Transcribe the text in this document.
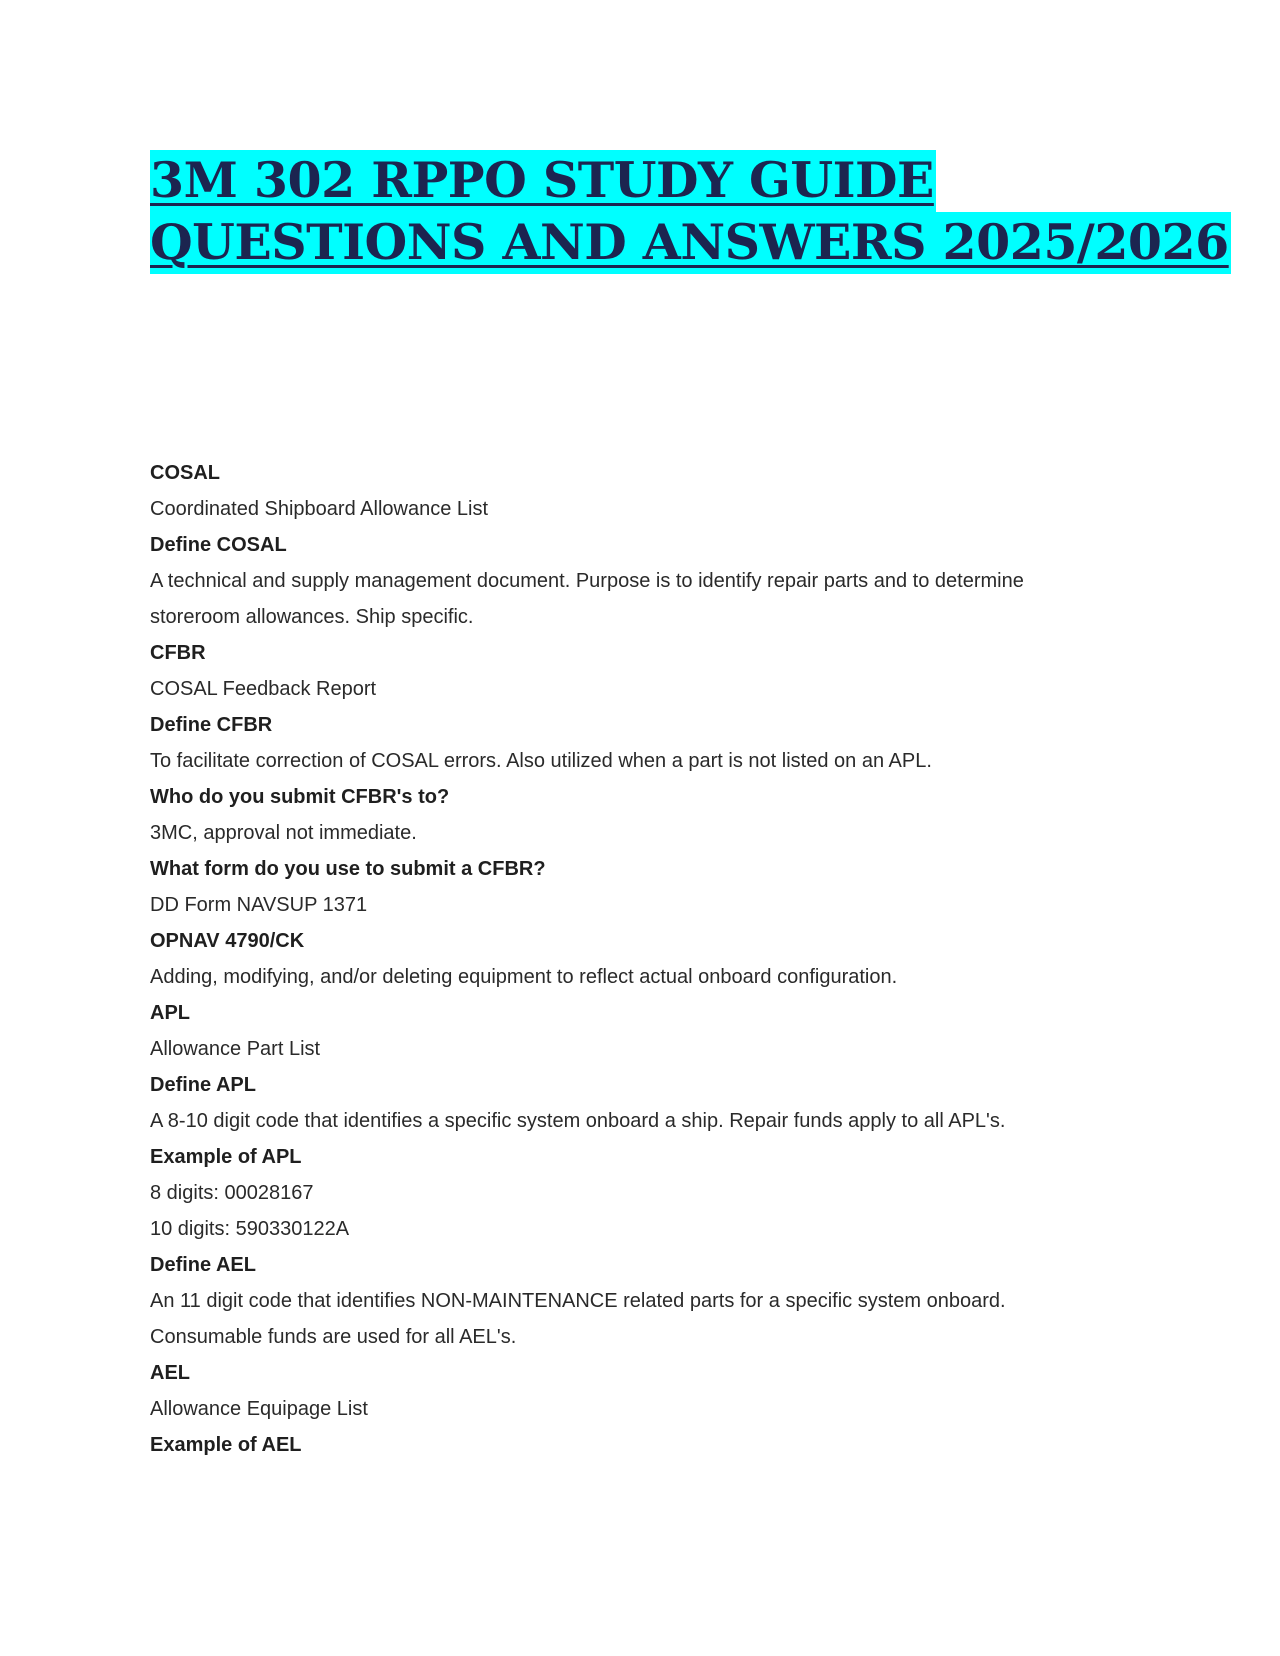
3M 302 RPPO STUDY GUIDE
QUESTIONS AND ANSWERS 2025/2026
COSAL
Coordinated Shipboard Allowance List
Define COSAL
A technical and supply management document. Purpose is to identify repair parts and to determine
storeroom allowances. Ship specific.
CFBR
COSAL Feedback Report
Define CFBR
To facilitate correction of COSAL errors. Also utilized when a part is not listed on an APL.
Who do you submit CFBR's to?
3MC, approval not immediate.
What form do you use to submit a CFBR?
DD Form NAVSUP 1371
OPNAV 4790/CK
Adding, modifying, and/or deleting equipment to reflect actual onboard configuration.
APL
Allowance Part List
Define APL
A 8-10 digit code that identifies a specific system onboard a ship. Repair funds apply to all APL's.
Example of APL
8 digits: 00028167
10 digits: 590330122A
Define AEL
An 11 digit code that identifies NON-MAINTENANCE related parts for a specific system onboard.
Consumable funds are used for all AEL's.
AEL
Allowance Equipage List
Example of AEL
